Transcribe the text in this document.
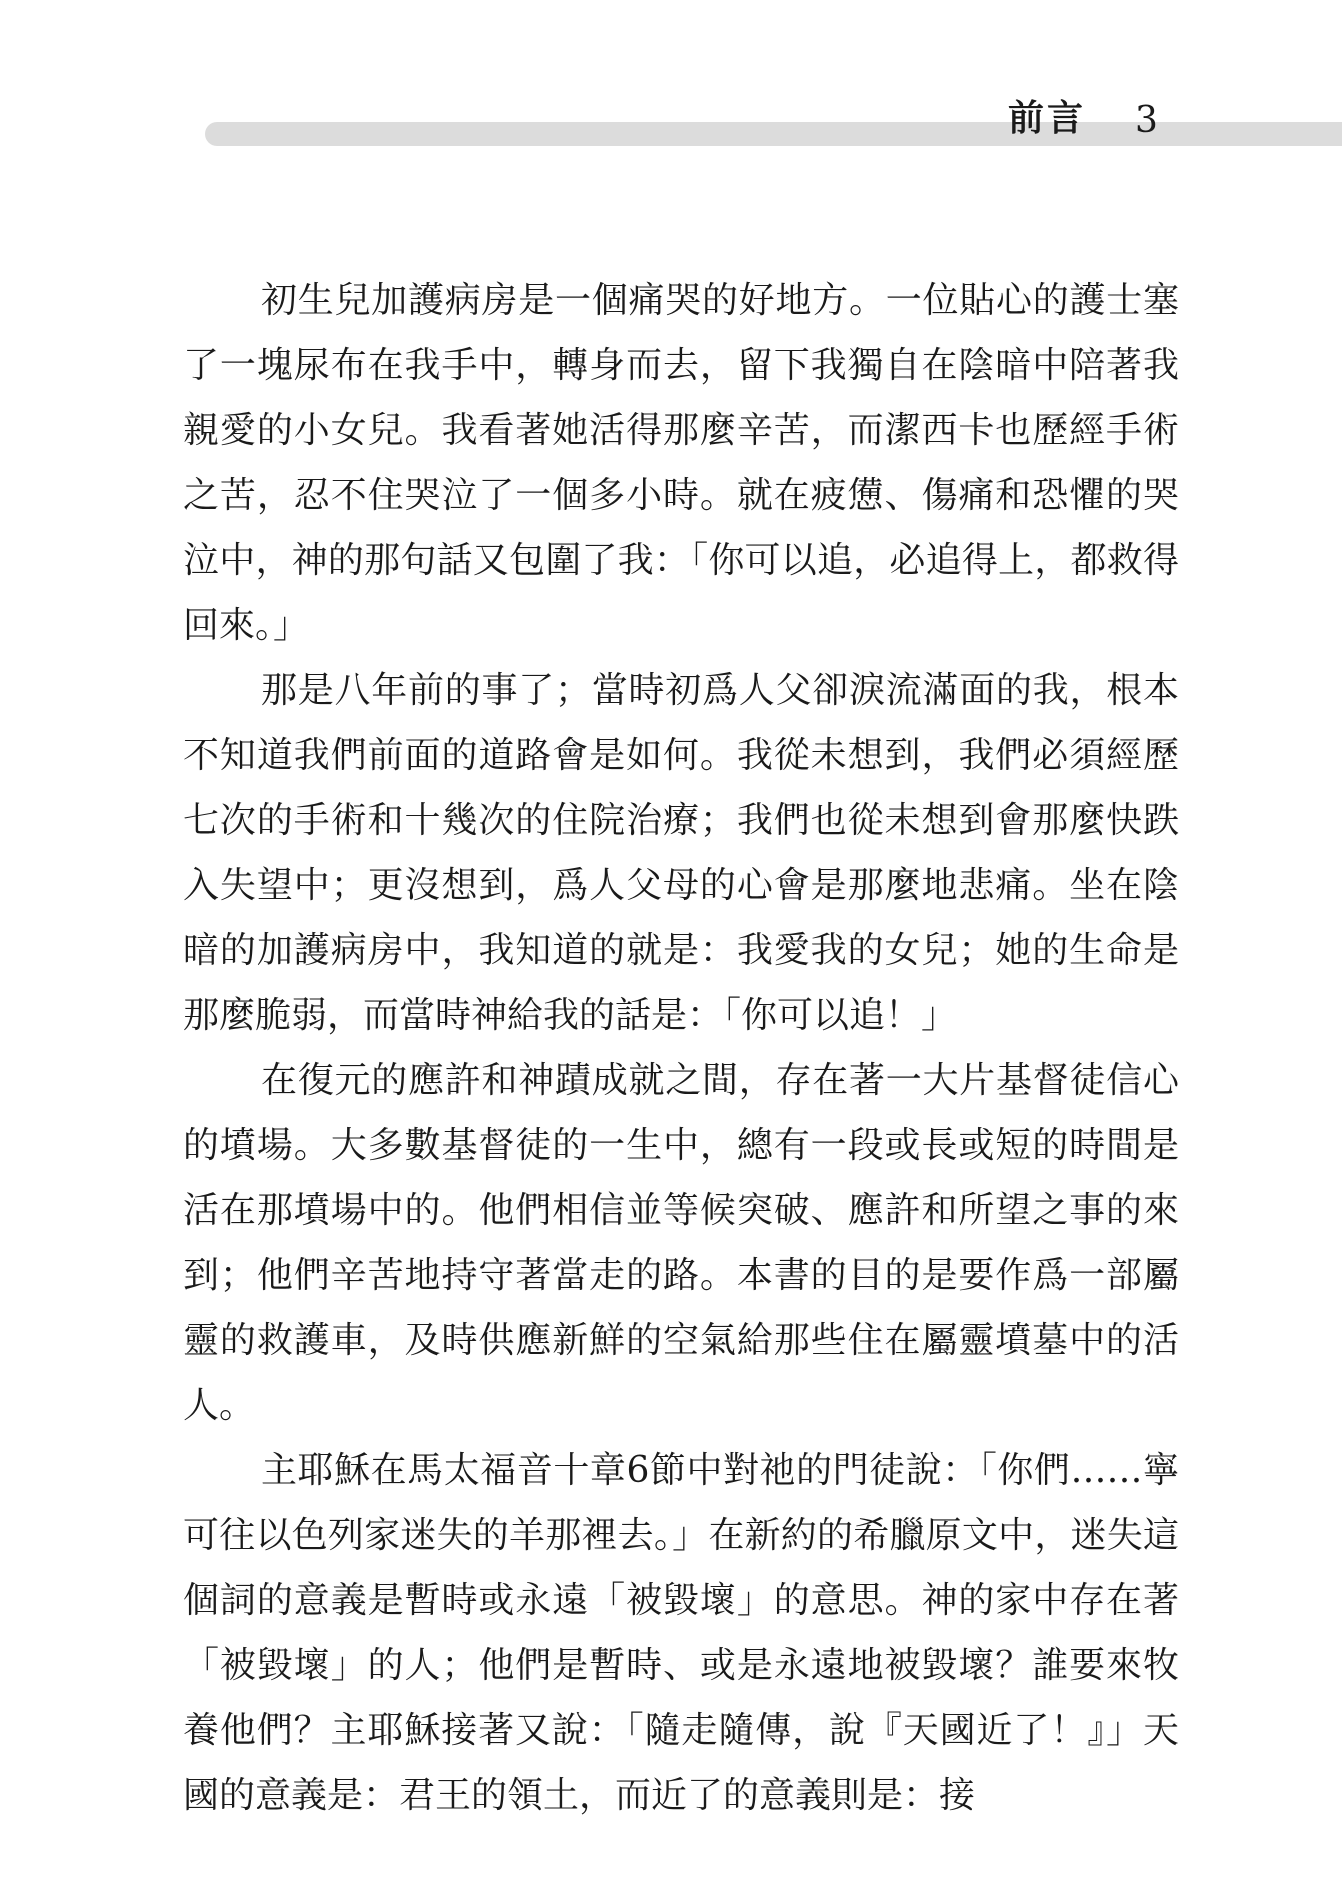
前言 3

初生兒加護病房是一個痛哭的好地方。一位貼心的護士塞了一塊尿布在我手中，轉身而去，留下我獨自在陰暗中陪著我親愛的小女兒。我看著她活得那麼辛苦，而潔西卡也歷經手術之苦，忍不住哭泣了一個多小時。就在疲憊、傷痛和恐懼的哭泣中，神的那句話又包圍了我：「你可以追，必追得上，都救得回來。」

那是八年前的事了；當時初爲人父卻淚流滿面的我，根本不知道我們前面的道路會是如何。我從未想到，我們必須經歷七次的手術和十幾次的住院治療；我們也從未想到會那麼快跌入失望中；更沒想到，爲人父母的心會是那麼地悲痛。坐在陰暗的加護病房中，我知道的就是：我愛我的女兒；她的生命是那麼脆弱，而當時神給我的話是：「你可以追！」

在復元的應許和神蹟成就之間，存在著一大片基督徒信心的墳場。大多數基督徒的一生中，總有一段或長或短的時間是活在那墳場中的。他們相信並等候突破、應許和所望之事的來到；他們辛苦地持守著當走的路。本書的目的是要作爲一部屬靈的救護車，及時供應新鮮的空氣給那些住在屬靈墳墓中的活人。

主耶穌在馬太福音十章6節中對祂的門徒說：「你們……寧可往以色列家迷失的羊那裡去。」在新約的希臘原文中，迷失這個詞的意義是暫時或永遠「被毀壞」的意思。神的家中存在著「被毀壞」的人；他們是暫時、或是永遠地被毀壞？誰要來牧養他們？主耶穌接著又說：「隨走隨傳，說『天國近了！』」天國的意義是：君王的領土，而近了的意義則是：接
